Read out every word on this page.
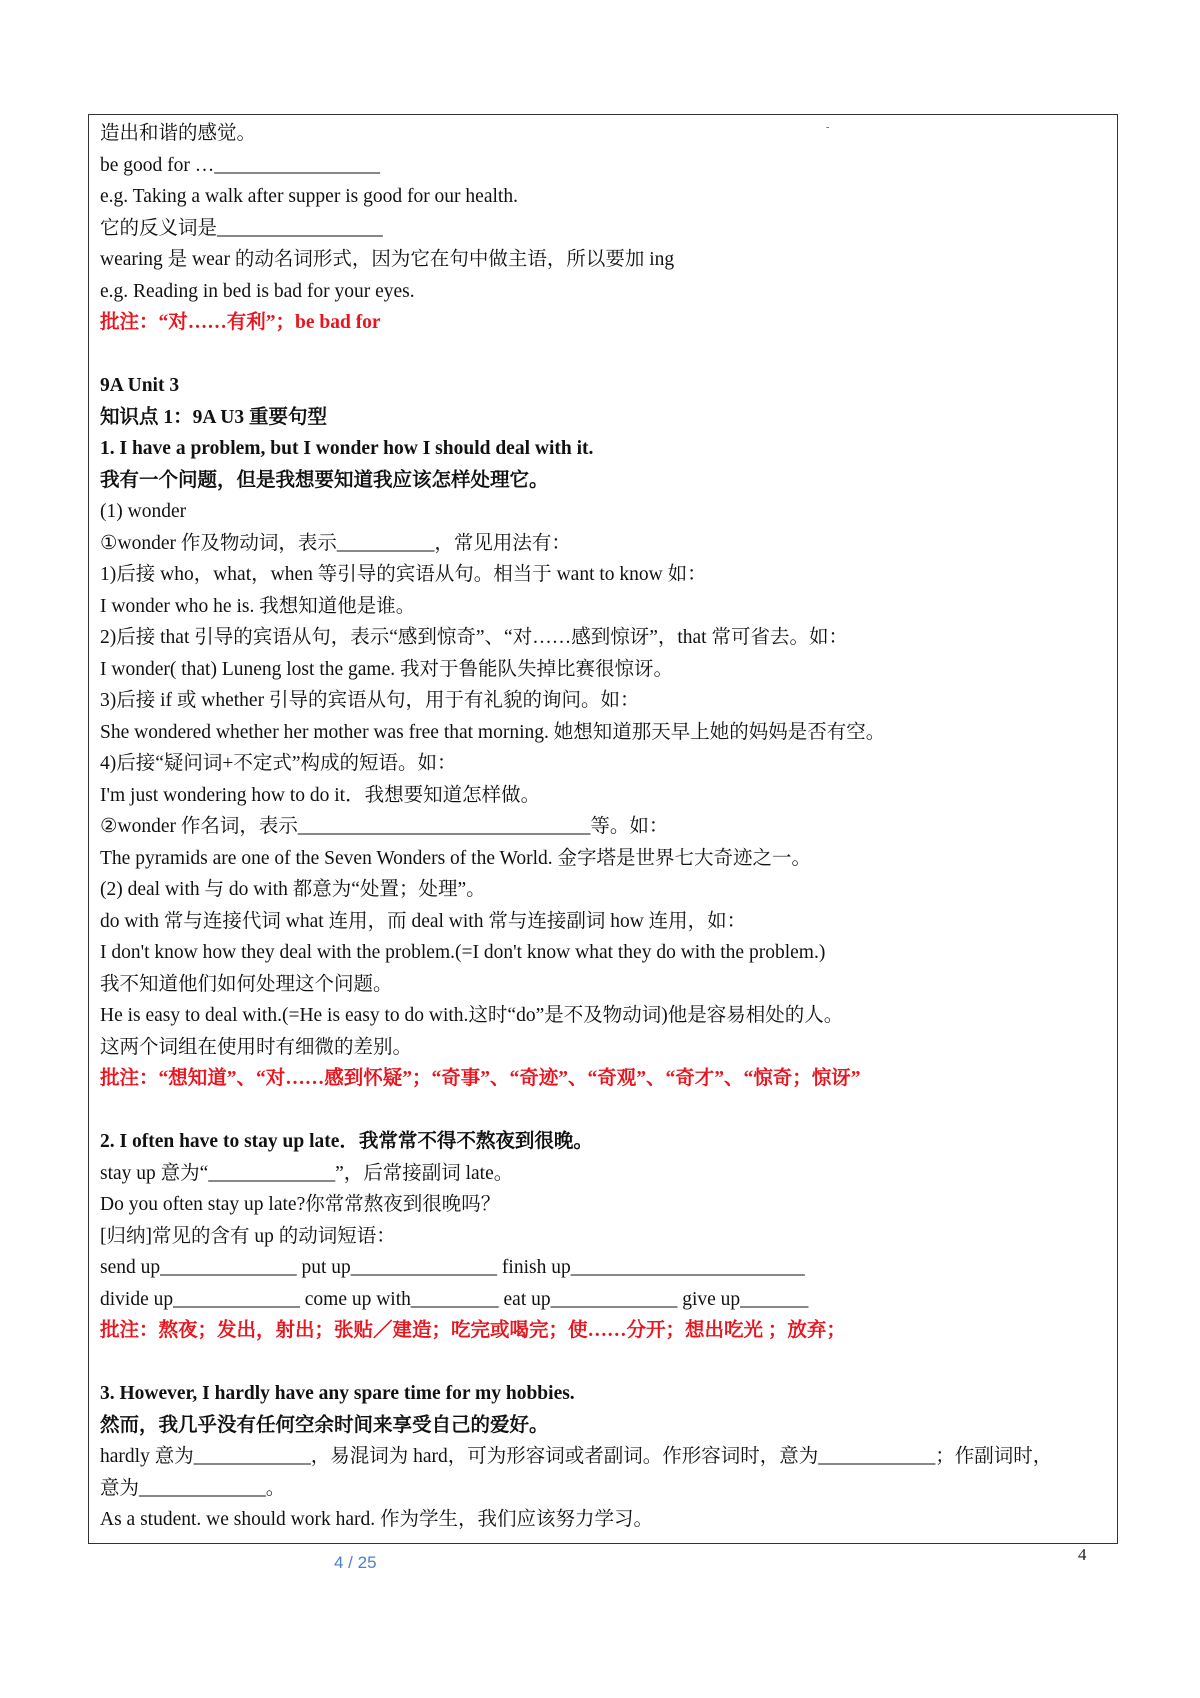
-
造出和谐的感觉。
be good for …_________________
e.g. Taking a walk after supper is good for our health.
它的反义词是_________________
wearing 是 wear 的动名词形式，因为它在句中做主语，所以要加 ing
e.g. Reading in bed is bad for your eyes.
批注：“对……有利”；be bad for
9A Unit 3
知识点 1：9A U3 重要句型
1. I have a problem, but I wonder how I should deal with it.
我有一个问题，但是我想要知道我应该怎样处理它。
(1) wonder
①wonder 作及物动词，表示__________，常见用法有：
1)后接 who，what，when 等引导的宾语从句。相当于 want to know 如：
I wonder who he is. 我想知道他是谁。
2)后接 that 引导的宾语从句，表示“感到惊奇”、“对……感到惊讶”，that 常可省去。如：
I wonder( that) Luneng lost the game. 我对于鲁能队失掉比赛很惊讶。
3)后接 if 或 whether 引导的宾语从句，用于有礼貌的询问。如：
She wondered whether her mother was free that morning. 她想知道那天早上她的妈妈是否有空。
4)后接“疑问词+不定式”构成的短语。如：
I'm just wondering how to do it．我想要知道怎样做。
②wonder 作名词，表示______________________________等。如：
The pyramids are one of the Seven Wonders of the World. 金字塔是世界七大奇迹之一。
(2) deal with 与 do with 都意为“处置；处理”。
do with 常与连接代词 what 连用，而 deal with 常与连接副词 how 连用，如：
I don't know how they deal with the problem.(=I don't know what they do with the problem.)
我不知道他们如何处理这个问题。
He is easy to deal with.(=He is easy to do with.这时“do”是不及物动词)他是容易相处的人。
这两个词组在使用时有细微的差别。
批注：“想知道”、“对……感到怀疑”；“奇事”、“奇迹”、“奇观”、“奇才”、“惊奇；惊讶”
2. I often have to stay up late．我常常不得不熬夜到很晚。
stay up 意为“_____________”，后常接副词 late。
Do you often stay up late?你常常熬夜到很晚吗？
[归纳]常见的含有 up 的动词短语：
send up______________ put up_______________ finish up________________________
divide up_____________ come up with_________ eat up_____________ give up_______
批注：熬夜；发出，射出；张贴／建造；吃完或喝完；使……分开；想出吃光 ；放弃；
3. However, I hardly have any spare time for my hobbies.
然而，我几乎没有任何空余时间来享受自己的爱好。
hardly 意为____________，易混词为 hard，可为形容词或者副词。作形容词时，意为____________；作副词时，
意为_____________。
As a student. we should work hard. 作为学生，我们应该努力学习。
4 / 25	4
